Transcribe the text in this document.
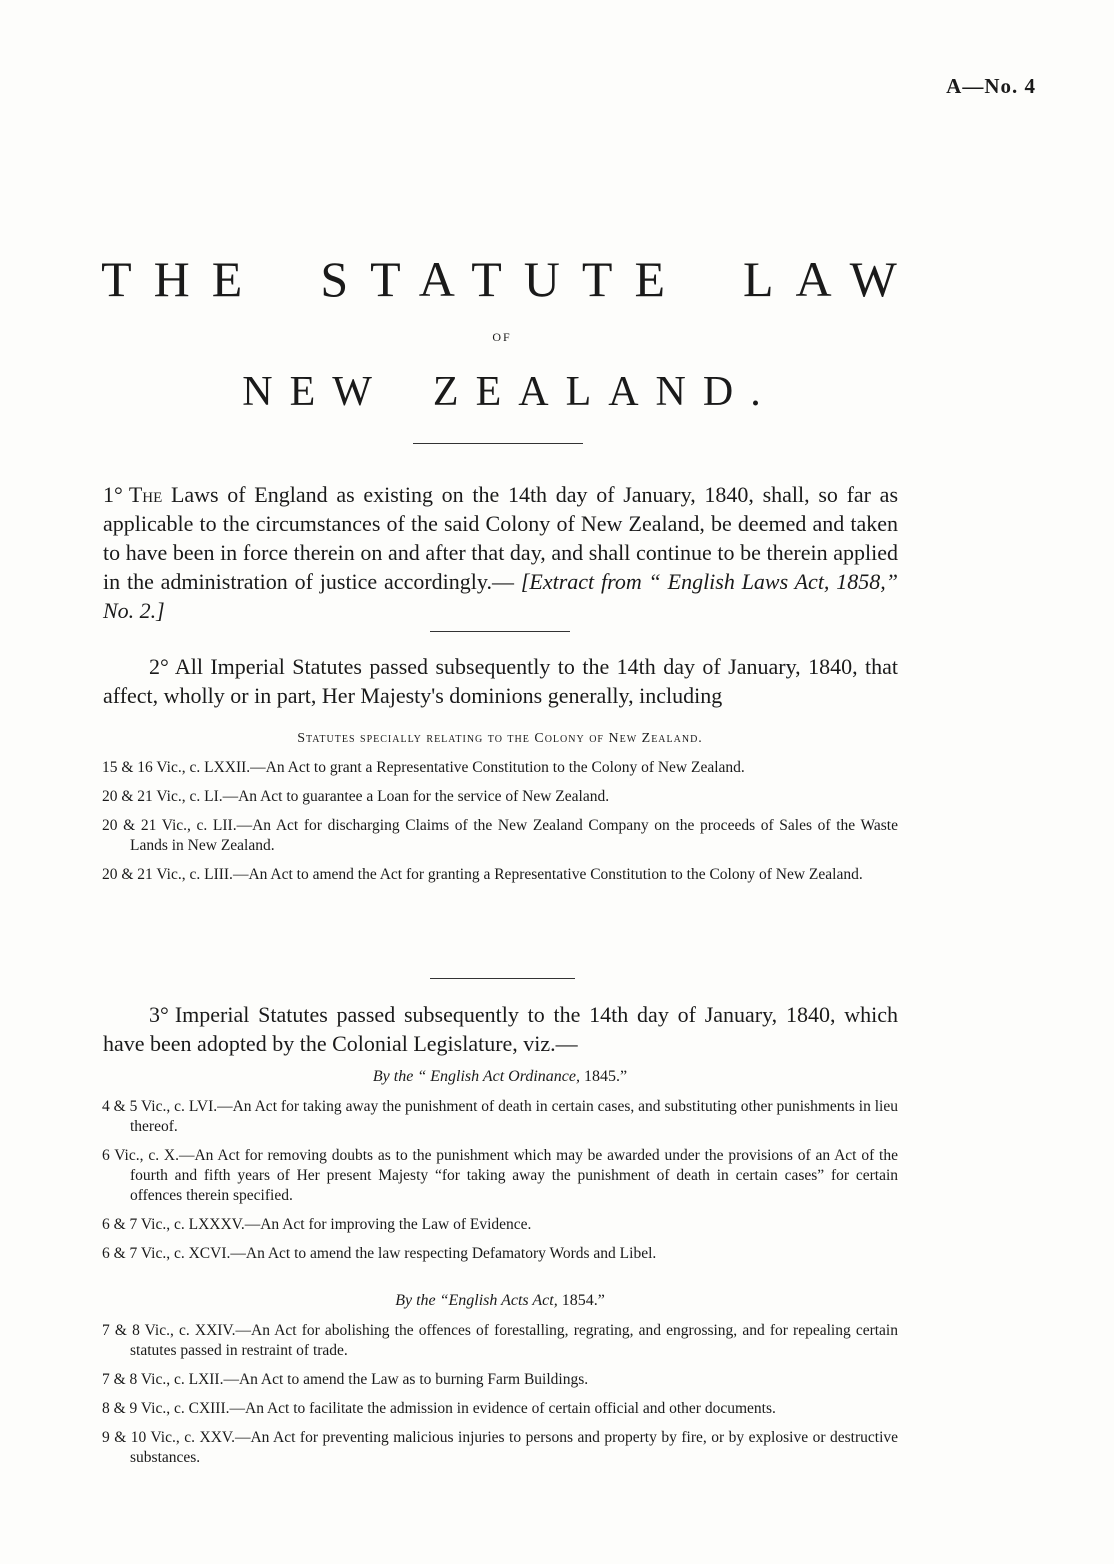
A—No. 4
THE STATUTE LAW
OF
NEW ZEALAND.
1° The Laws of England as existing on the 14th day of January, 1840, shall, so far as applicable to the circumstances of the said Colony of New Zealand, be deemed and taken to have been in force therein on and after that day, and shall continue to be therein applied in the administration of justice accordingly.— [Extract from “ English Laws Act, 1858,” No. 2.]
2° All Imperial Statutes passed subsequently to the 14th day of January, 1840, that affect, wholly or in part, Her Majesty's dominions generally, including
Statutes specially relating to the Colony of New Zealand.
15 & 16 Vic., c. LXXII.—An Act to grant a Representative Constitution to the Colony of New Zealand.
20 & 21 Vic., c. LI.—An Act to guarantee a Loan for the service of New Zealand.
20 & 21 Vic., c. LII.—An Act for discharging Claims of the New Zealand Company on the proceeds of Sales of the Waste Lands in New Zealand.
20 & 21 Vic., c. LIII.—An Act to amend the Act for granting a Representative Constitution to the Colony of New Zealand.
3° Imperial Statutes passed subsequently to the 14th day of January, 1840, which have been adopted by the Colonial Legislature, viz.—
By the “ English Act Ordinance, 1845.”
4 & 5 Vic., c. LVI.—An Act for taking away the punishment of death in certain cases, and substituting other punishments in lieu thereof.
6 Vic., c. X.—An Act for removing doubts as to the punishment which may be awarded under the provisions of an Act of the fourth and fifth years of Her present Majesty “for taking away the punishment of death in certain cases” for certain offences therein specified.
6 & 7 Vic., c. LXXXV.—An Act for improving the Law of Evidence.
6 & 7 Vic., c. XCVI.—An Act to amend the law respecting Defamatory Words and Libel.
By the “English Acts Act, 1854.”
7 & 8 Vic., c. XXIV.—An Act for abolishing the offences of forestalling, regrating, and engrossing, and for repealing certain statutes passed in restraint of trade.
7 & 8 Vic., c. LXII.—An Act to amend the Law as to burning Farm Buildings.
8 & 9 Vic., c. CXIII.—An Act to facilitate the admission in evidence of certain official and other documents.
9 & 10 Vic., c. XXV.—An Act for preventing malicious injuries to persons and property by fire, or by explosive or destructive substances.
